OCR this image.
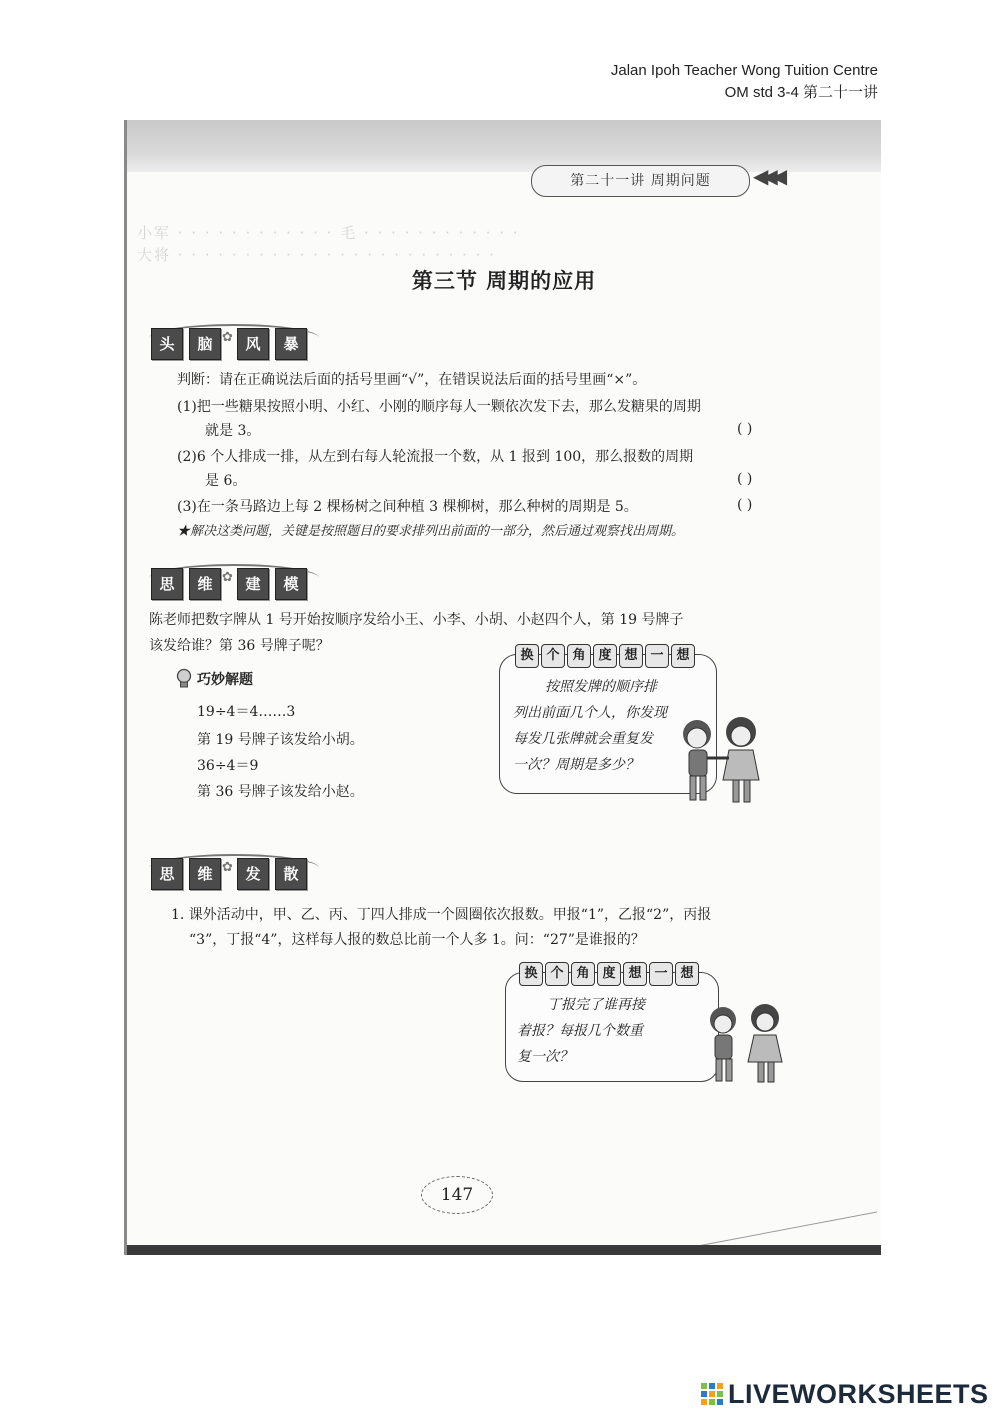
Jalan Ipoh Teacher Wong Tuition Centre
OM std 3-4 第二十一讲
小军 · · · · · · · · · · · · 毛 · · · · · · · · · · · ·
大将 · · · · · · · · · · · · · · · · · · · · · · · ·
第二十一讲 周期问题	◀◀◀
第三节 周期的应用
头	脑 ✿ 风	暴
判断：请在正确说法后面的括号里画“√”，在错误说法后面的括号里画“×”。
(1)把一些糖果按照小明、小红、小刚的顺序每人一颗依次发下去，那么发糖果的周期
就是 3。	( )
(2)6 个人排成一排，从左到右每人轮流报一个数，从 1 报到 100，那么报数的周期
是 6。	( )
(3)在一条马路边上每 2 棵杨树之间种植 3 棵柳树，那么种树的周期是 5。	( )
★解决这类问题，关键是按照题目的要求排列出前面的一部分，然后通过观察找出周期。
思	维 ✿ 建	模
陈老师把数字牌从 1 号开始按顺序发给小王、小李、小胡、小赵四个人，第 19 号牌子
该发给谁？第 36 号牌子呢？
巧妙解题
19÷4＝4……3
第 19 号牌子该发给小胡。
36÷4＝9
第 36 号牌子该发给小赵。
换 个 角 度 想 一 想
按照发牌的顺序排
列出前面几个人，你发现
每发几张牌就会重复发
一次？周期是多少？
思	维 ✿ 发	散
1. 课外活动中，甲、乙、丙、丁四人排成一个圆圈依次报数。甲报“1”，乙报“2”，丙报
“3”，丁报“4”，这样每人报的数总比前一个人多 1。问：“27”是谁报的？
换 个 角 度 想 一 想
丁报完了谁再接
着报？每报几个数重
复一次？
147
LIVEWORKSHEETS
